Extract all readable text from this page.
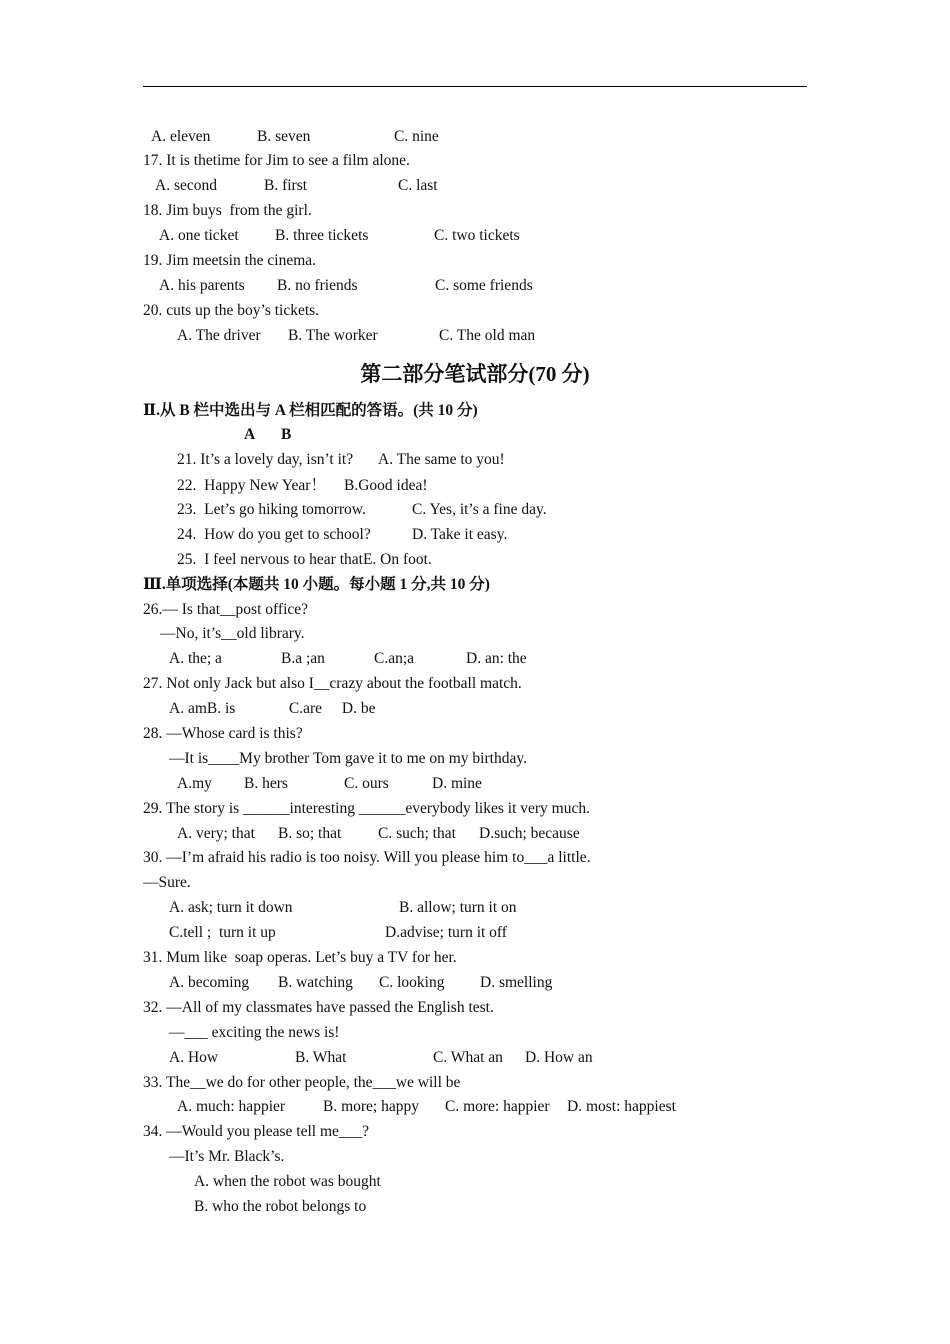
A. eleven	B. seven	C. nine
17. It is thetime for Jim to see a film alone.
A. second	B. first	C. last
18. Jim buys  from the girl.
A. one ticket B. three tickets	C. two tickets
19. Jim meetsin the cinema.
A. his parents B. no friends	C. some friends
20. cuts up the boy’s tickets.
A. The driver B. The worker	C. The old man
第二部分笔试部分(70 分)
Ⅱ.从 B 栏中选出与 A 栏相匹配的答语。(共 10 分)
A B
21. It’s a lovely day, isn’t it? A. The same to you!
22.  Happy New Year！ B.Good idea!
23.  Let’s go hiking tomorrow.	C. Yes, it’s a fine day.
24.  How do you get to school?	D. Take it easy.
25.  I feel nervous to hear thatE. On foot.
Ⅲ.单项选择(本题共 10 小题。每小题 1 分,共 10 分)
26.— Is that__post office?
—No, it’s__old library.
A. the; a	B.a ;an	C.an;a	D. an: the
27. Not only Jack but also I__crazy about the football match.
A. amB. is	C.are D. be
28. —Whose card is this?
—It is____My brother Tom gave it to me on my birthday.
A.my B. hers	C. ours	D. mine
29. The story is ______interesting ______everybody likes it very much.
A. very; that B. so; that C. such; that D.such; because
30. —I’m afraid his radio is too noisy. Will you please him to___a little.
—Sure.
A. ask; turn it down	B. allow; turn it on
C.tell ;  turn it up	D.advise; turn it off
31. Mum like  soap operas. Let’s buy a TV for her.
A. becoming B. watching C. looking D. smelling
32. —All of my classmates have passed the English test.
—___ exciting the news is!
A. How	B. What	C. What an D. How an
33. The__we do for other people, the___we will be
A. much: happier B. more; happy C. more: happier D. most: happiest
34. —Would you please tell me___?
—It’s Mr. Black’s.
A. when the robot was bought
B. who the robot belongs to
